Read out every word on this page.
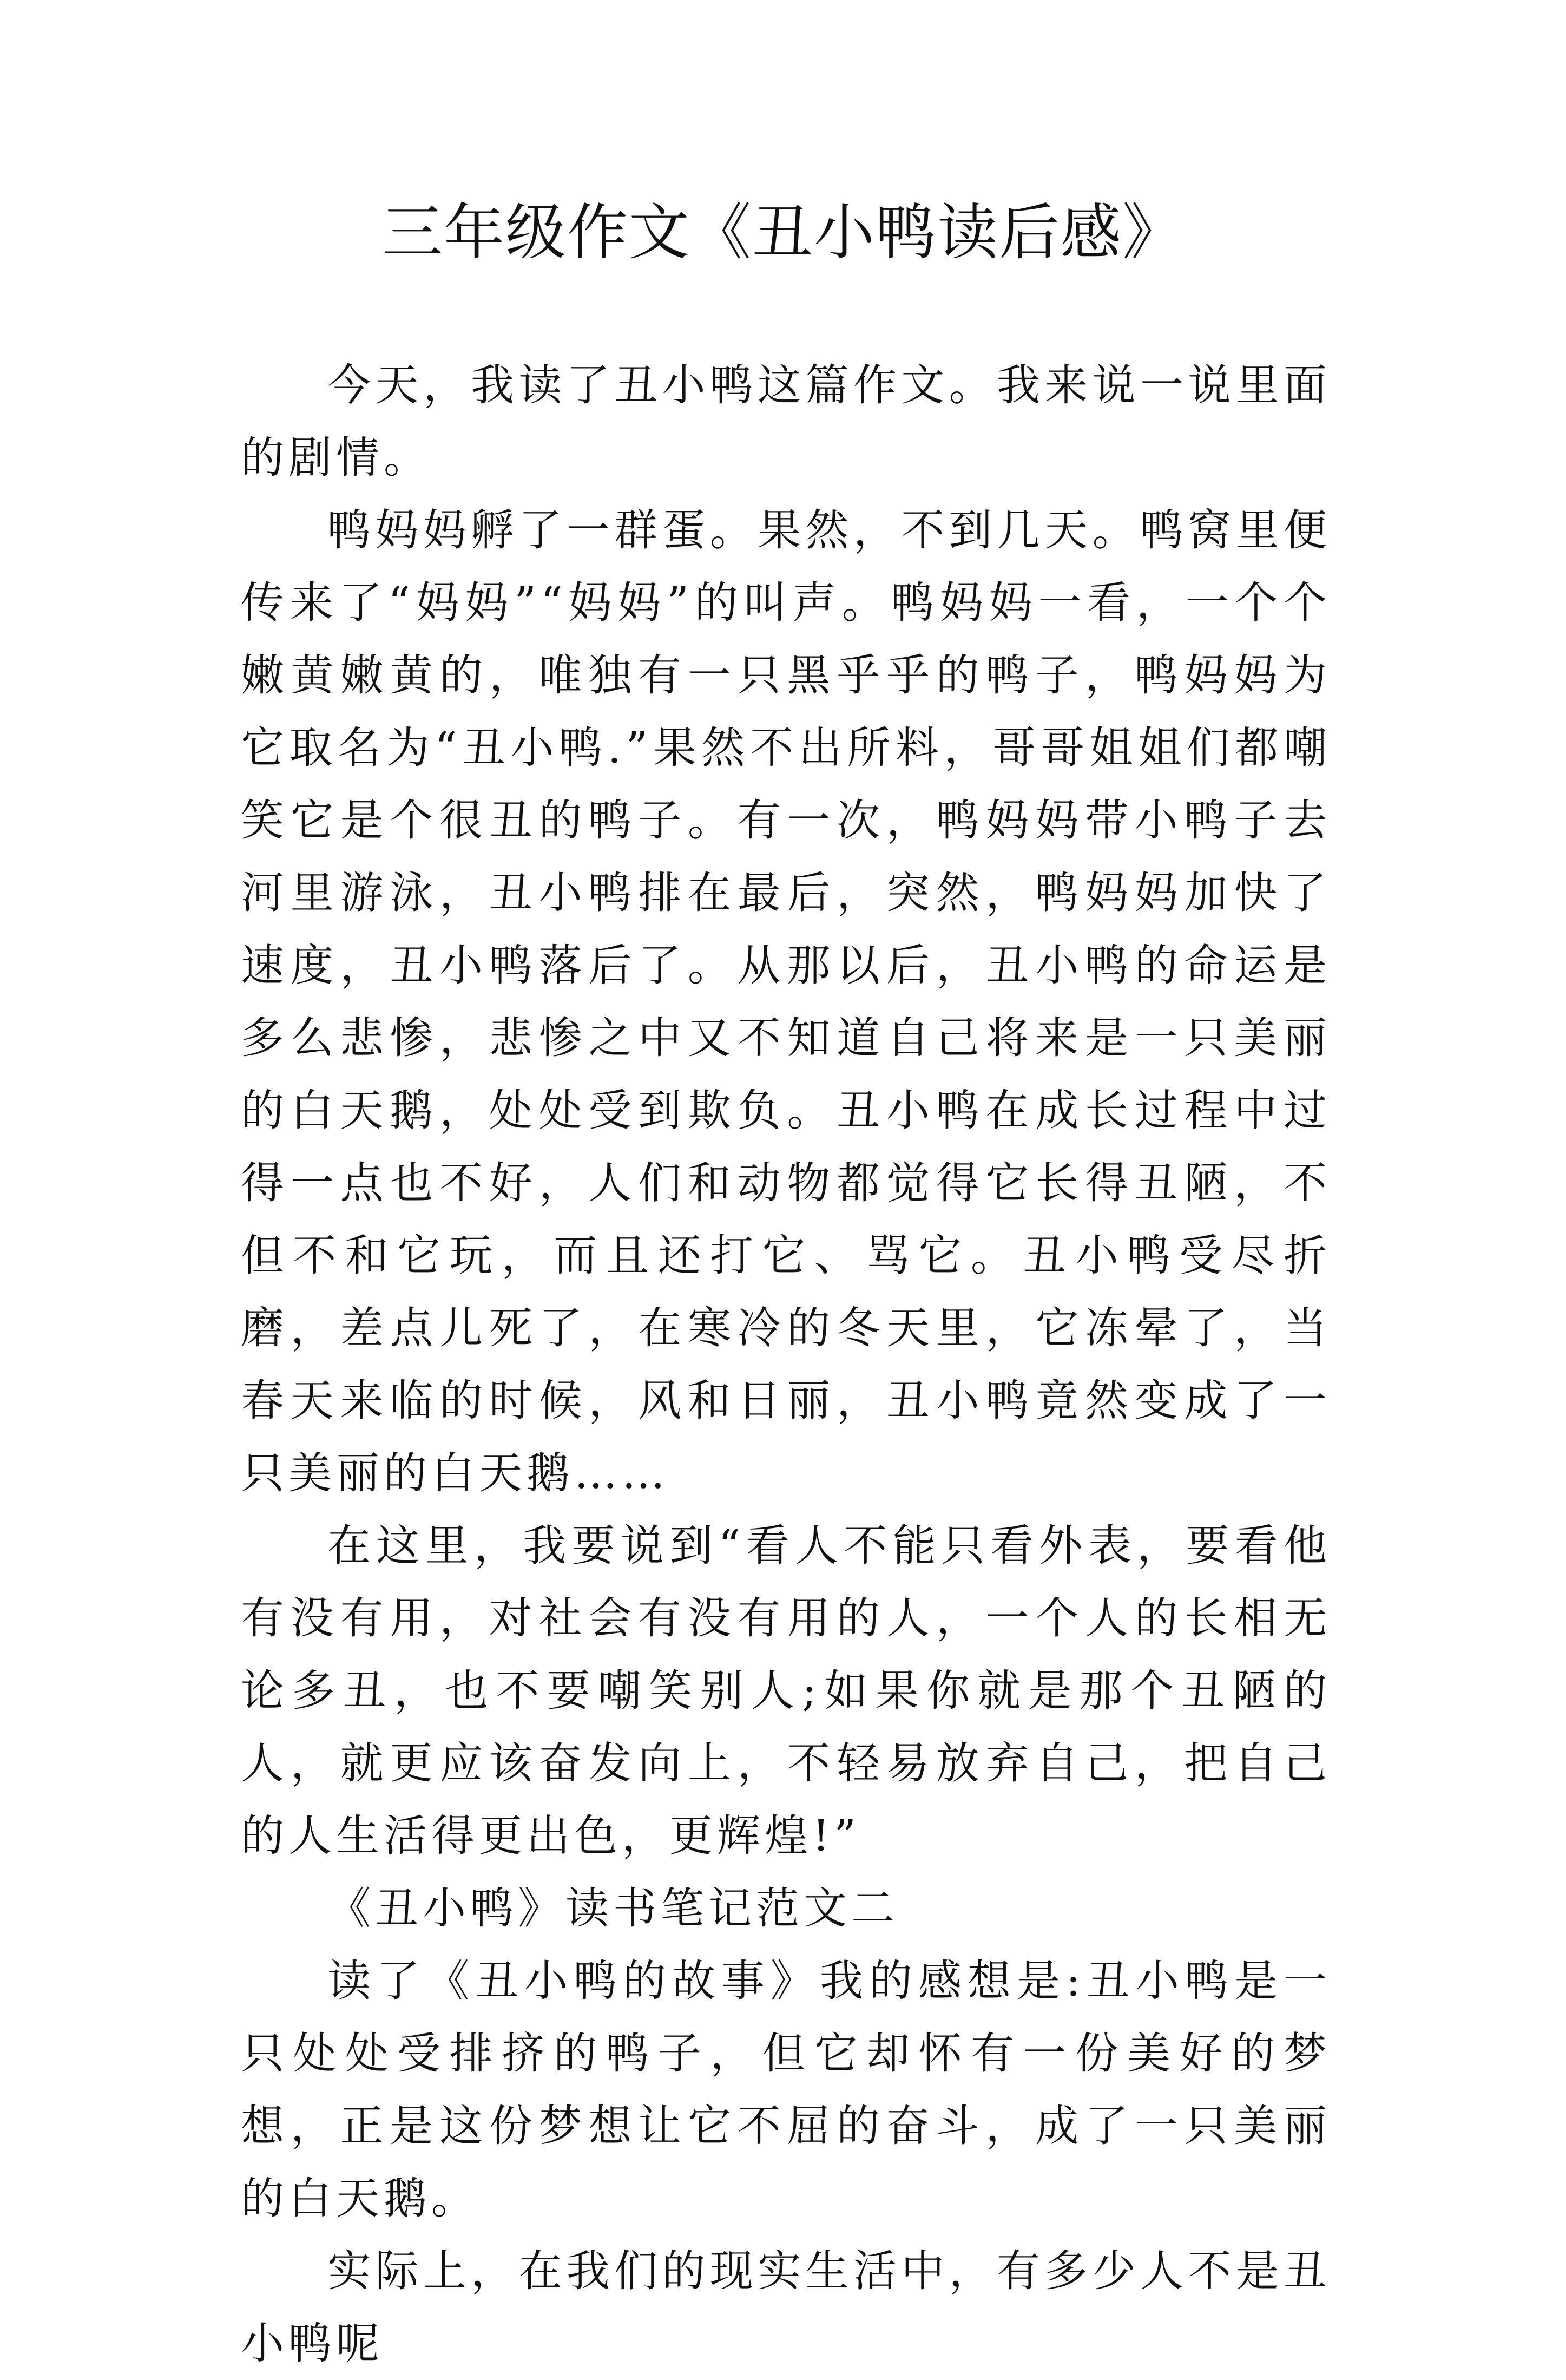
三年级作文《丑小鸭读后感》

今天，我读了丑小鸭这篇作文。我来说一说里面的剧情。

鸭妈妈孵了一群蛋。果然，不到几天。鸭窝里便传来了“妈妈”“妈妈”的叫声。鸭妈妈一看，一个个嫩黄嫩黄的，唯独有一只黑乎乎的鸭子，鸭妈妈为它取名为“丑小鸭.”果然不出所料，哥哥姐姐们都嘲笑它是个很丑的鸭子。有一次，鸭妈妈带小鸭子去河里游泳，丑小鸭排在最后，突然，鸭妈妈加快了速度，丑小鸭落后了。从那以后，丑小鸭的命运是多么悲惨，悲惨之中又不知道自己将来是一只美丽的白天鹅，处处受到欺负。丑小鸭在成长过程中过得一点也不好，人们和动物都觉得它长得丑陋，不但不和它玩，而且还打它、骂它。丑小鸭受尽折磨，差点儿死了，在寒冷的冬天里，它冻晕了，当春天来临的时候，风和日丽，丑小鸭竟然变成了一只美丽的白天鹅……

在这里，我要说到“看人不能只看外表，要看他有没有用，对社会有没有用的人，一个人的长相无论多丑，也不要嘲笑别人;如果你就是那个丑陋的人，就更应该奋发向上，不轻易放弃自己，把自己的人生活得更出色，更辉煌!”

《丑小鸭》读书笔记范文二

读了《丑小鸭的故事》我的感想是:丑小鸭是一只处处受排挤的鸭子，但它却怀有一份美好的梦想，正是这份梦想让它不屈的奋斗，成了一只美丽的白天鹅。

实际上，在我们的现实生活中，有多少人不是丑小鸭呢
